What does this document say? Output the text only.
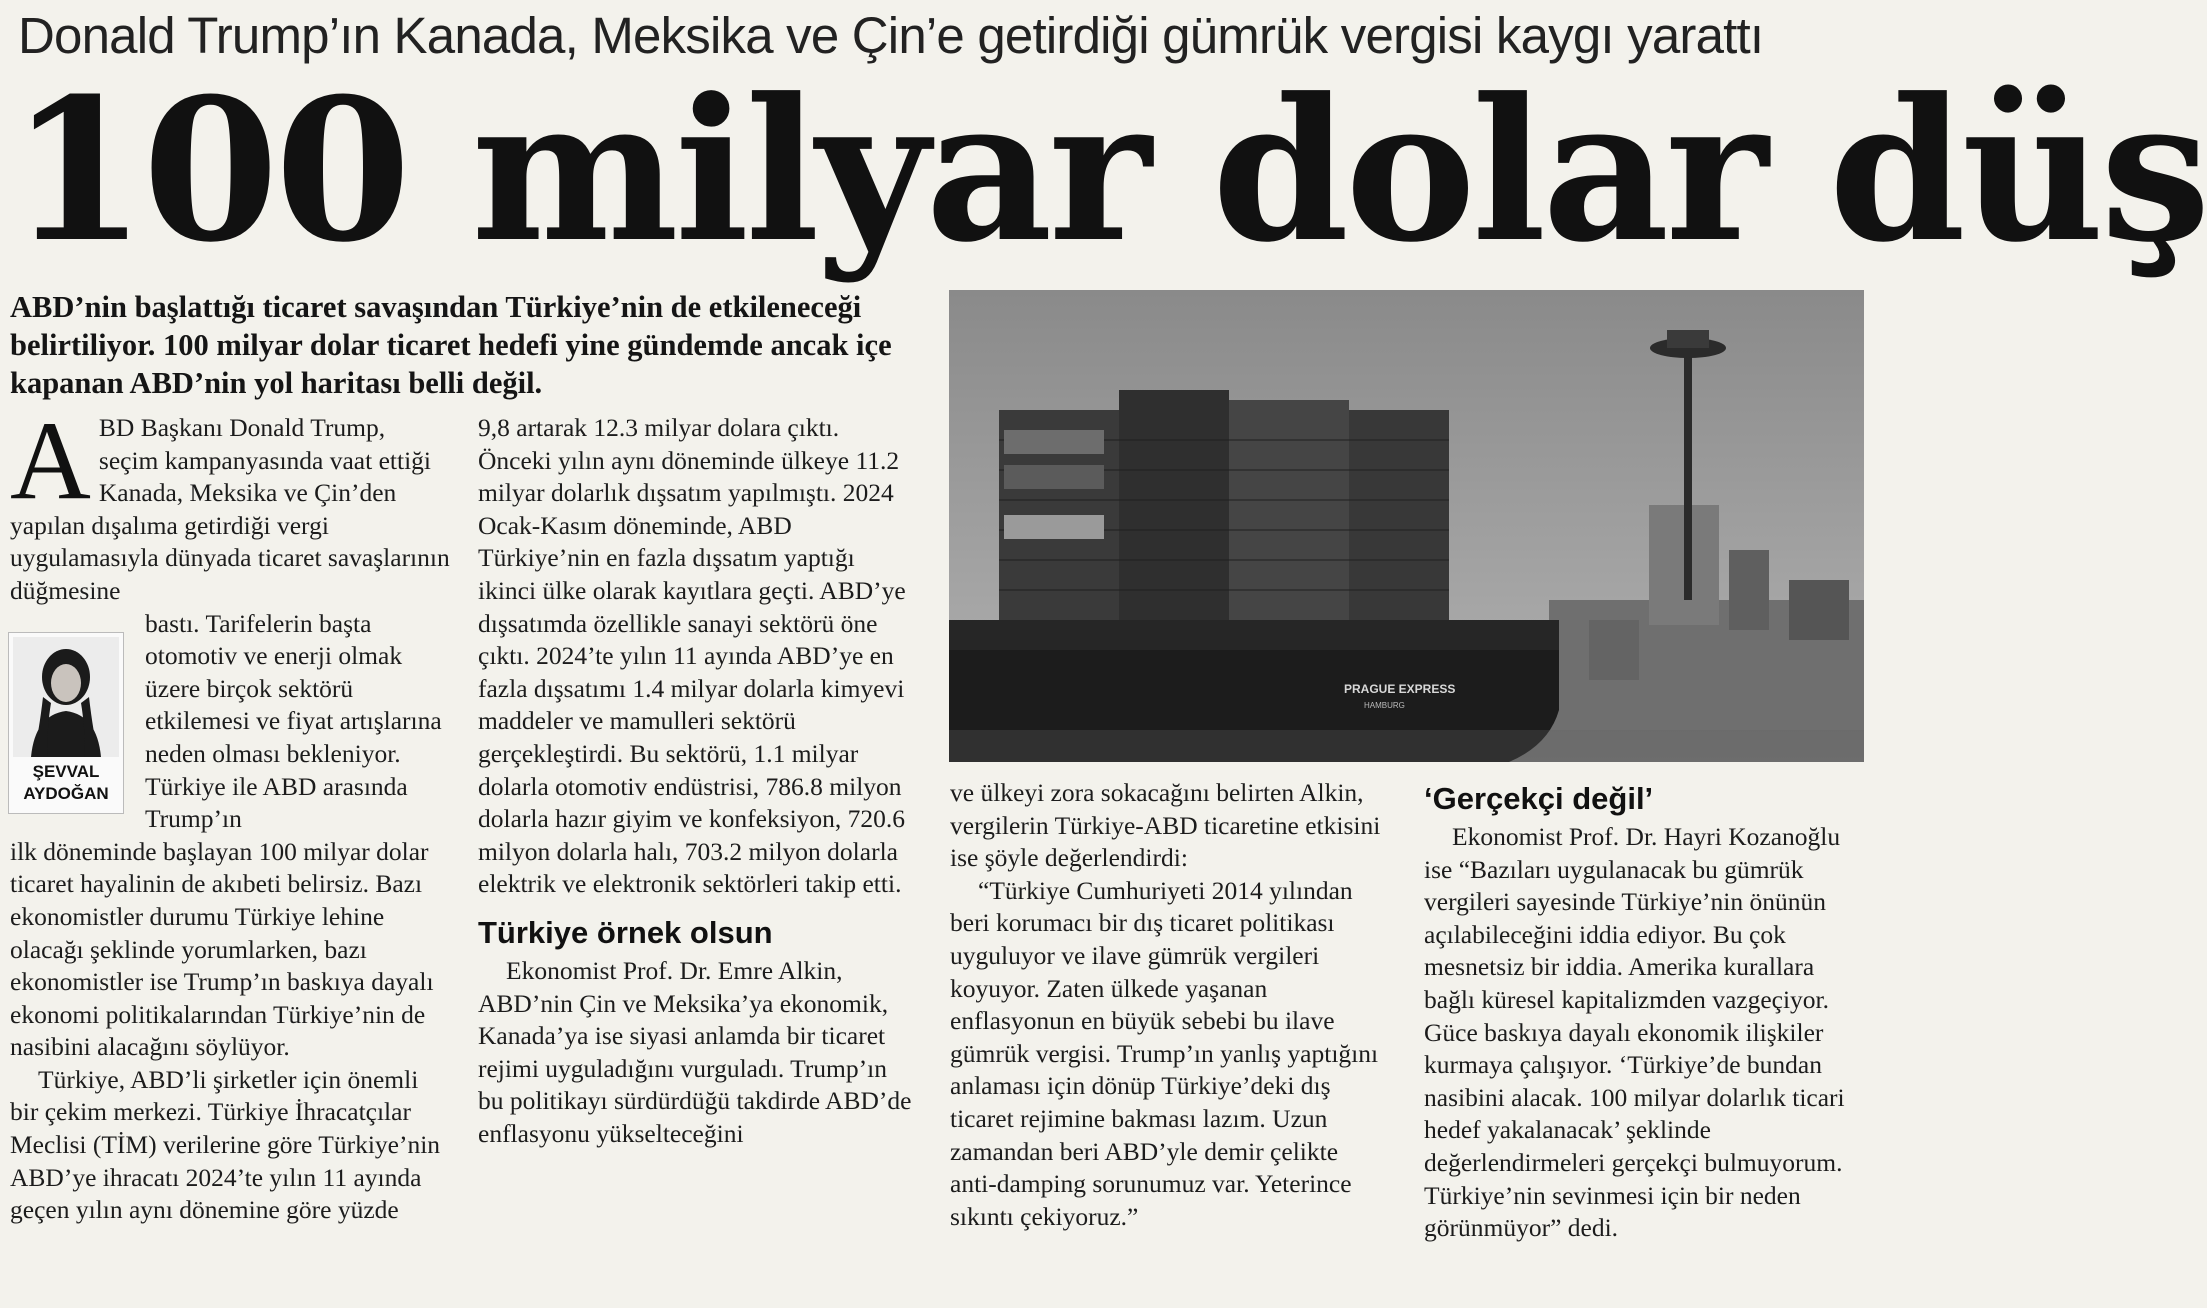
Donald Trump’ın Kanada, Meksika ve Çin’e getirdiği gümrük vergisi kaygı yarattı
100 milyar dolar düş
ABD’nin başlattığı ticaret savaşından Türkiye’nin de etkileneceği belirtiliyor. 100 milyar dolar ticaret hedefi yine gündemde ancak içe kapanan ABD’nin yol haritası belli değil.

A BD Başkanı Donald Trump, seçim kampanyasında vaat ettiği Kanada, Meksika ve Çin’den yapılan dışalıma getirdiği vergi uygulamasıyla dünyada ticaret savaşlarının düğmesine

bastı. Tarifelerin başta otomotiv ve enerji olmak üzere birçok sektörü etkilemesi ve fiyat artışlarına neden olması bekleniyor. Türkiye ile ABD arasında Trump’ın

ilk döneminde başlayan 100 milyar dolar ticaret hayalinin de akıbeti belirsiz. Bazı ekonomistler durumu Türkiye lehine olacağı şeklinde yorumlarken, bazı ekonomistler ise Trump’ın baskıya dayalı ekonomi politikalarından Türkiye’nin de nasibini alacağını söylüyor.

Türkiye, ABD’li şirketler için önemli bir çekim merkezi. Türkiye İhracatçılar Meclisi (TİM) verilerine göre Türkiye’nin ABD’ye ihracatı 2024’te yılın 11 ayında geçen yılın aynı dönemine göre yüzde

ŞEVVAL
AYDOĞAN

9,8 artarak 12.3 milyar dolara çıktı. Önceki yılın aynı döneminde ülkeye 11.2 milyar dolarlık dışsatım yapılmıştı. 2024 Ocak-Kasım döneminde, ABD Türkiye’nin en fazla dışsatım yaptığı ikinci ülke olarak kayıtlara geçti. ABD’ye dışsatımda özellikle sanayi sektörü öne çıktı. 2024’te yılın 11 ayında ABD’ye en fazla dışsatımı 1.4 milyar dolarla kimyevi maddeler ve mamulleri sektörü gerçekleştirdi. Bu sektörü, 1.1 milyar dolarla otomotiv endüstrisi, 786.8 milyon dolarla hazır giyim ve konfeksiyon, 720.6 milyon dolarla halı, 703.2 milyon dolarla elektrik ve elektronik sektörleri takip etti.

Türkiye örnek olsun

Ekonomist Prof. Dr. Emre Alkin, ABD’nin Çin ve Meksika’ya ekonomik, Kanada’ya ise siyasi anlamda bir ticaret rejimi uyguladığını vurguladı. Trump’ın bu politikayı sürdürdüğü takdirde ABD’de enflasyonu yükselteceğini

PRAGUE EXPRESS
HAMBURG

ve ülkeyi zora sokacağını belirten Alkin, vergilerin Türkiye-ABD ticaretine etkisini ise şöyle değerlendirdi:

“Türkiye Cumhuriyeti 2014 yılından beri korumacı bir dış ticaret politikası uyguluyor ve ilave gümrük vergileri koyuyor. Zaten ülkede yaşanan enflasyonun en büyük sebebi bu ilave gümrük vergisi. Trump’ın yanlış yaptığını anlaması için dönüp Türkiye’deki dış ticaret rejimine bakması lazım. Uzun zamandan beri ABD’yle demir çelikte anti-damping sorunumuz var. Yeterince sıkıntı çekiyoruz.”

‘Gerçekçi değil’

Ekonomist Prof. Dr. Hayri Kozanoğlu ise “Bazıları uygulanacak bu gümrük vergileri sayesinde Türkiye’nin önünün açılabileceğini iddia ediyor. Bu çok mesnetsiz bir iddia. Amerika kurallara bağlı küresel kapitalizmden vazgeçiyor. Güce baskıya dayalı ekonomik ilişkiler kurmaya çalışıyor. ‘Türkiye’de bundan nasibini alacak. 100 milyar dolarlık ticari hedef yakalanacak’ şeklinde değerlendirmeleri gerçekçi bulmuyorum. Türkiye’nin sevinmesi için bir neden görünmüyor” dedi.
